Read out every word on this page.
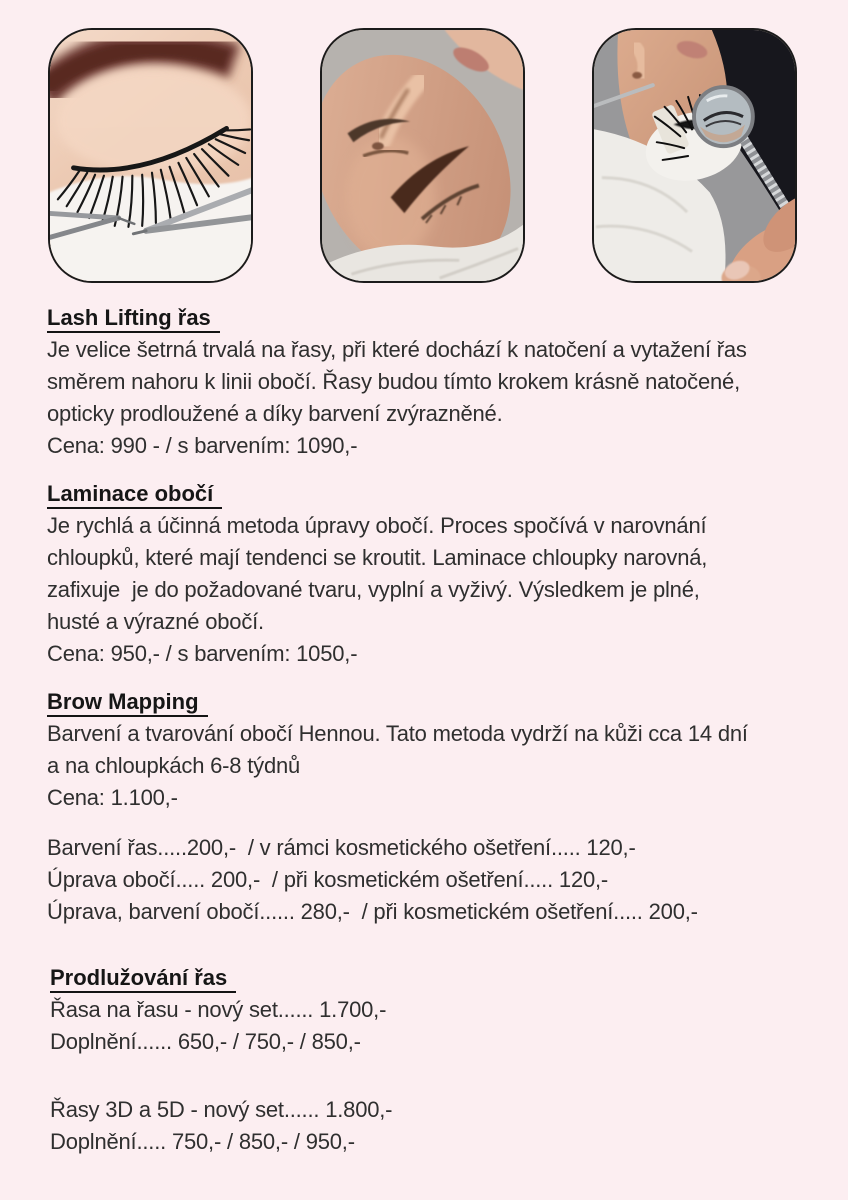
Lash Lifting řas
Je velice šetrná trvalá na řasy, při které dochází k natočení a vytažení řas
směrem nahoru k linii obočí. Řasy budou tímto krokem krásně natočené,
opticky prodloužené a díky barvení zvýrazněné.
Cena: 990 - / s barvením: 1090,-
Laminace obočí
Je rychlá a účinná metoda úpravy obočí. Proces spočívá v narovnání
chloupků, které mají tendenci se kroutit. Laminace chloupky narovná,
zafixuje  je do požadované tvaru, vyplní a vyživý. Výsledkem je plné,
husté a výrazné obočí.
Cena: 950,- / s barvením: 1050,-
Brow Mapping
Barvení a tvarování obočí Hennou. Tato metoda vydrží na kůži cca 14 dní
a na chloupkách 6-8 týdnů
Cena: 1.100,-
Barvení řas.....200,-  / v rámci kosmetického ošetření..... 120,-
Úprava obočí..... 200,-  / při kosmetickém ošetření..... 120,-
Úprava, barvení obočí...... 280,-  / při kosmetickém ošetření..... 200,-
Prodlužování řas
Řasa na řasu - nový set...... 1.700,-
Doplnění...... 650,- / 750,- / 850,-
Řasy 3D a 5D - nový set...... 1.800,-
Doplnění..... 750,- / 850,- / 950,-
